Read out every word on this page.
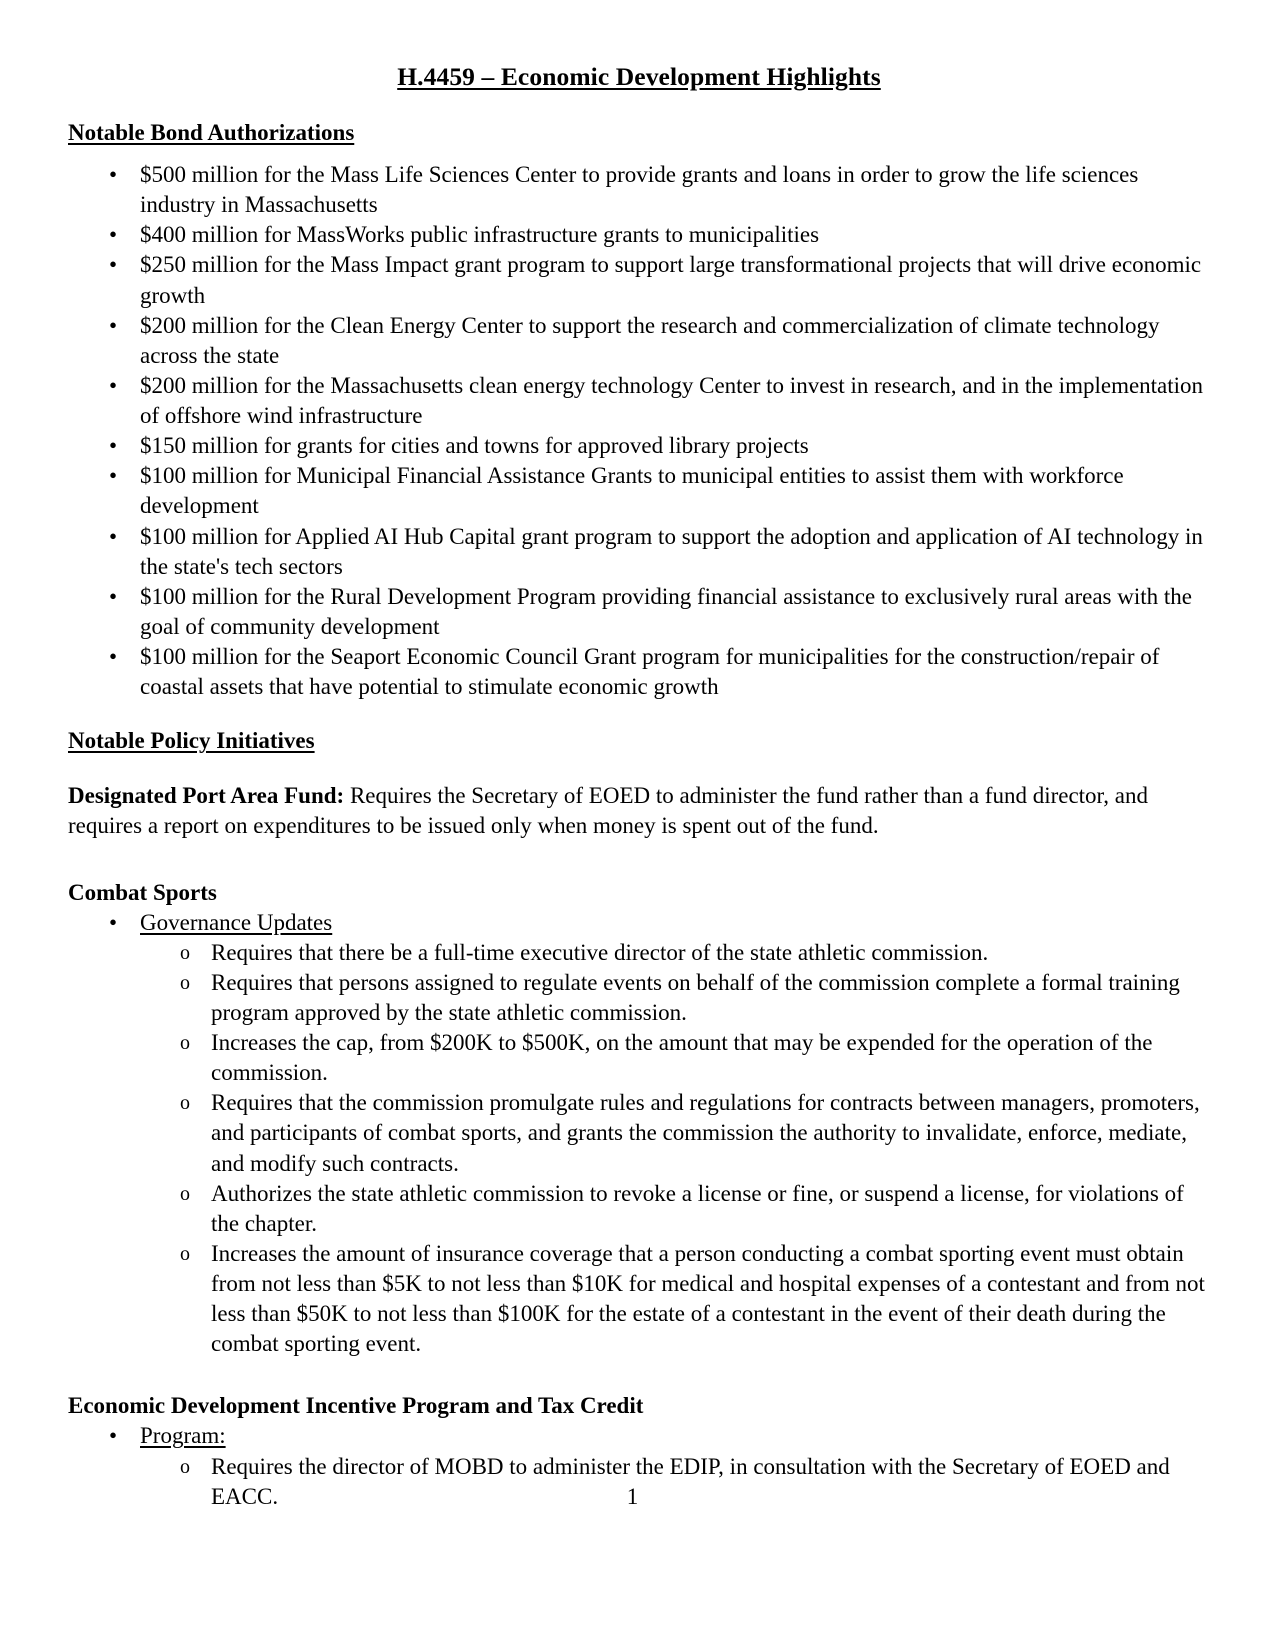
H.4459 – Economic Development Highlights
Notable Bond Authorizations
• $500 million for the Mass Life Sciences Center to provide grants and loans in order to grow the life sciences industry in Massachusetts
• $400 million for MassWorks public infrastructure grants to municipalities
• $250 million for the Mass Impact grant program to support large transformational projects that will drive economic growth
• $200 million for the Clean Energy Center to support the research and commercialization of climate technology across the state
• $200 million for the Massachusetts clean energy technology Center to invest in research, and in the implementation of offshore wind infrastructure
• $150 million for grants for cities and towns for approved library projects
• $100 million for Municipal Financial Assistance Grants to municipal entities to assist them with workforce development
• $100 million for Applied AI Hub Capital grant program to support the adoption and application of AI technology in the state's tech sectors
• $100 million for the Rural Development Program providing financial assistance to exclusively rural areas with the goal of community development
• $100 million for the Seaport Economic Council Grant program for municipalities for the construction/repair of coastal assets that have potential to stimulate economic growth
Notable Policy Initiatives

Designated Port Area Fund: Requires the Secretary of EOED to administer the fund rather than a fund director, and requires a report on expenditures to be issued only when money is spent out of the fund.

Combat Sports
• Governance Updates
o Requires that there be a full-time executive director of the state athletic commission.
o Requires that persons assigned to regulate events on behalf of the commission complete a formal training program approved by the state athletic commission.
o Increases the cap, from $200K to $500K, on the amount that may be expended for the operation of the commission.
o Requires that the commission promulgate rules and regulations for contracts between managers, promoters, and participants of combat sports, and grants the commission the authority to invalidate, enforce, mediate, and modify such contracts.
o Authorizes the state athletic commission to revoke a license or fine, or suspend a license, for violations of the chapter.
o Increases the amount of insurance coverage that a person conducting a combat sporting event must obtain from not less than $5K to not less than $10K for medical and hospital expenses of a contestant and from not less than $50K to not less than $100K for the estate of a contestant in the event of their death during the combat sporting event.
Economic Development Incentive Program and Tax Credit
• Program:
o Requires the director of MOBD to administer the EDIP, in consultation with the Secretary of EOED and EACC.	1
